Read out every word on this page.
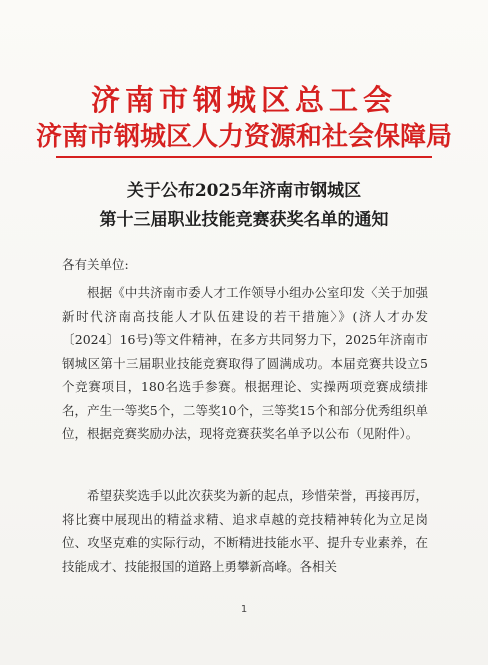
济南市钢城区总工会
济南市钢城区人力资源和社会保障局
关于公布2025年济南市钢城区
第十三届职业技能竞赛获奖名单的通知
各有关单位:

根据《中共济南市委人才工作领导小组办公室印发〈关于加强新时代济南高技能人才队伍建设的若干措施〉》(济人才办发〔2024〕16号)等文件精神，在多方共同努力下，2025年济南市钢城区第十三届职业技能竞赛取得了圆满成功。本届竞赛共设立5个竞赛项目，180名选手参赛。根据理论、实操两项竞赛成绩排名，产生一等奖5个，二等奖10个，三等奖15个和部分优秀组织单位，根据竞赛奖励办法，现将竞赛获奖名单予以公布（见附件）。

希望获奖选手以此次获奖为新的起点，珍惜荣誉，再接再厉，将比赛中展现出的精益求精、追求卓越的竞技精神转化为立足岗位、攻坚克难的实际行动，不断精进技能水平、提升专业素养，在技能成才、技能报国的道路上勇攀新高峰。各相关

1
